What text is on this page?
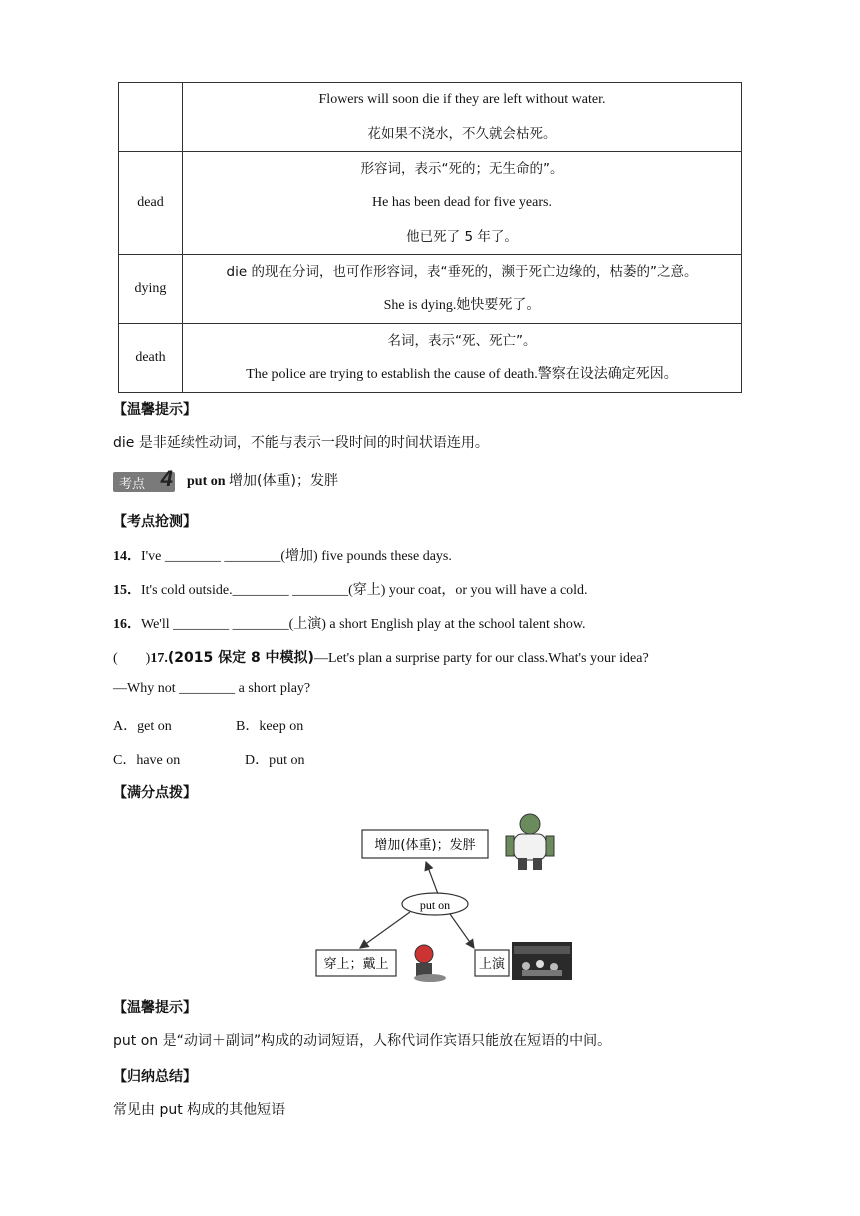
	Flowers will soon die if they are left without water.

花如果不浇水，不久就会枯死。

dead	形容词，表示“死的；无生命的”。

He has been dead for five years.

他已死了 5 年了。

dying	die 的现在分词，也可作形容词，表“垂死的，濒于死亡边缘的，枯萎的”之意。

She is dying.她快要死了。

death	名词，表示“死、死亡”。

The police are trying to establish the cause of death.警察在设法确定死因。

【温馨提示】
die 是非延续性动词，不能与表示一段时间的时间状语连用。
考点 4 put on 增加(体重)；发胖
【考点抢测】
14．I've ________ ________(增加) five pounds these days.
15．It's cold outside.________ ________(穿上) your coat，or you will have a cold.
16．We'll ________ ________(上演) a short English play at the school talent show.
(　　)17.(2015 保定 8 中模拟)—Let's plan a surprise party for our class.What's your idea?
—Why not ________ a short play?
A．get on	B．keep on
C．have on	D．put on
【满分点拨】
增加(体重)；发胖
put on
穿上；戴上	上演
【温馨提示】
put on 是“动词＋副词”构成的动词短语，人称代词作宾语只能放在短语的中间。
【归纳总结】
常见由 put 构成的其他短语
